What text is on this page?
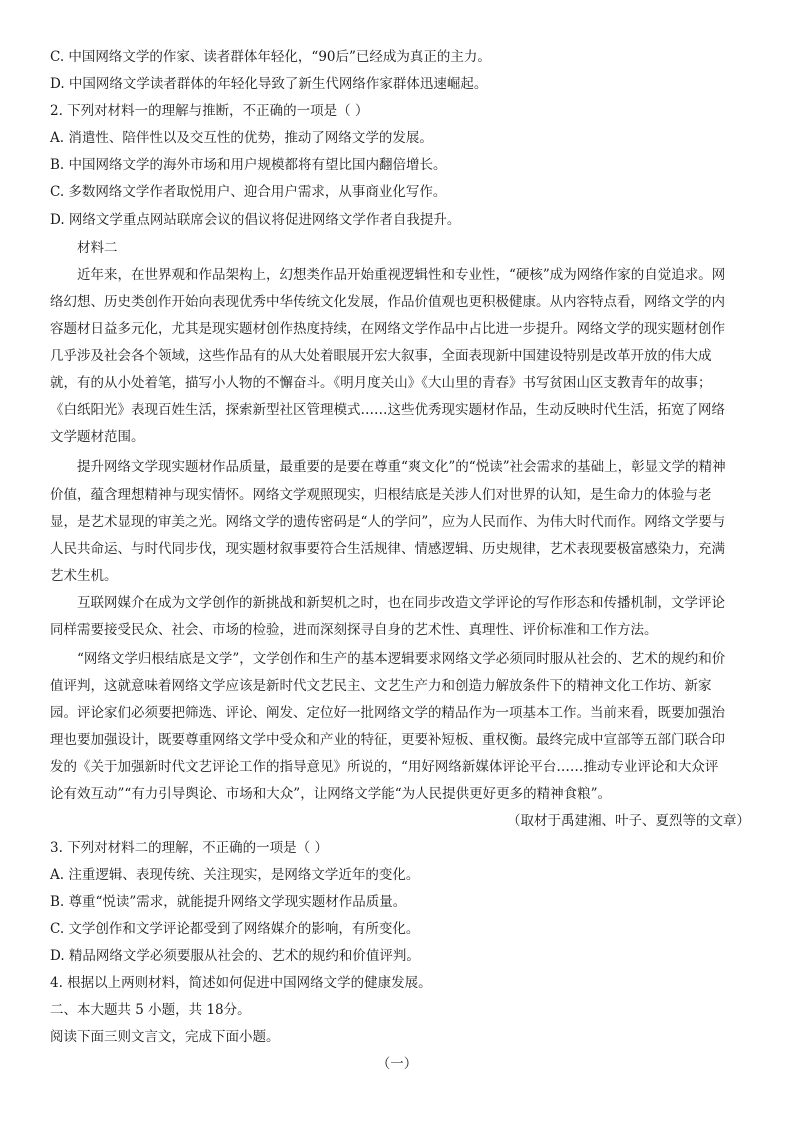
C. 中国网络文学的作家、读者群体年轻化，“90后”已经成为真正的主力。
D. 中国网络文学读者群体的年轻化导致了新生代网络作家群体迅速崛起。
2. 下列对材料一的理解与推断，不正确的一项是（ ）
A. 消遣性、陪伴性以及交互性的优势，推动了网络文学的发展。
B. 中国网络文学的海外市场和用户规模都将有望比国内翻倍增长。
C. 多数网络文学作者取悦用户、迎合用户需求，从事商业化写作。
D. 网络文学重点网站联席会议的倡议将促进网络文学作者自我提升。
材料二
近年来，在世界观和作品架构上，幻想类作品开始重视逻辑性和专业性，“硬核”成为网络作家的自觉追求。网
络幻想、历史类创作开始向表现优秀中华传统文化发展，作品价值观也更积极健康。从内容特点看，网络文学的内
容题材日益多元化，尤其是现实题材创作热度持续，在网络文学作品中占比进一步提升。网络文学的现实题材创作
几乎涉及社会各个领域，这些作品有的从大处着眼展开宏大叙事，全面表现新中国建设特别是改革开放的伟大成
就，有的从小处着笔，描写小人物的不懈奋斗。《明月度关山》《大山里的青春》书写贫困山区支教青年的故事；
《白纸阳光》表现百姓生活，探索新型社区管理模式……这些优秀现实题材作品，生动反映时代生活，拓宽了网络
文学题材范围。
提升网络文学现实题材作品质量，最重要的是要在尊重“爽文化”的“悦读”社会需求的基础上，彰显文学的精神
价值，蕴含理想精神与现实情怀。网络文学观照现实，归根结底是关涉人们对世界的认知，是生命力的体验与老
显，是艺术显现的审美之光。网络文学的遗传密码是“人的学问”，应为人民而作、为伟大时代而作。网络文学要与
人民共命运、与时代同步伐，现实题材叙事要符合生活规律、情感逻辑、历史规律，艺术表现要极富感染力，充满
艺术生机。
互联网媒介在成为文学创作的新挑战和新契机之时，也在同步改造文学评论的写作形态和传播机制，文学评论
同样需要接受民众、社会、市场的检验，进而深刻探寻自身的艺术性、真理性、评价标准和工作方法。
“网络文学归根结底是文学”，文学创作和生产的基本逻辑要求网络文学必须同时服从社会的、艺术的规约和价
值评判，这就意味着网络文学应该是新时代文艺民主、文艺生产力和创造力解放条件下的精神文化工作坊、新家
园。评论家们必须要把筛选、评论、阐发、定位好一批网络文学的精品作为一项基本工作。当前来看，既要加强治
理也要加强设计，既要尊重网络文学中受众和产业的特征，更要补短板、重权衡。最终完成中宣部等五部门联合印
发的《关于加强新时代文艺评论工作的指导意见》所说的，“用好网络新媒体评论平台……推动专业评论和大众评
论有效互动”“有力引导舆论、市场和大众”，让网络文学能“为人民提供更好更多的精神食粮”。
（取材于禹建湘、叶子、夏烈等的文章）
3. 下列对材料二的理解，不正确的一项是（ ）
A. 注重逻辑、表现传统、关注现实，是网络文学近年的变化。
B. 尊重“悦读”需求，就能提升网络文学现实题材作品质量。
C. 文学创作和文学评论都受到了网络媒介的影响，有所变化。
D. 精品网络文学必须要服从社会的、艺术的规约和价值评判。
4. 根据以上两则材料，简述如何促进中国网络文学的健康发展。
二、本大题共 5 小题，共 18分。
阅读下面三则文言文，完成下面小题。
（一）
